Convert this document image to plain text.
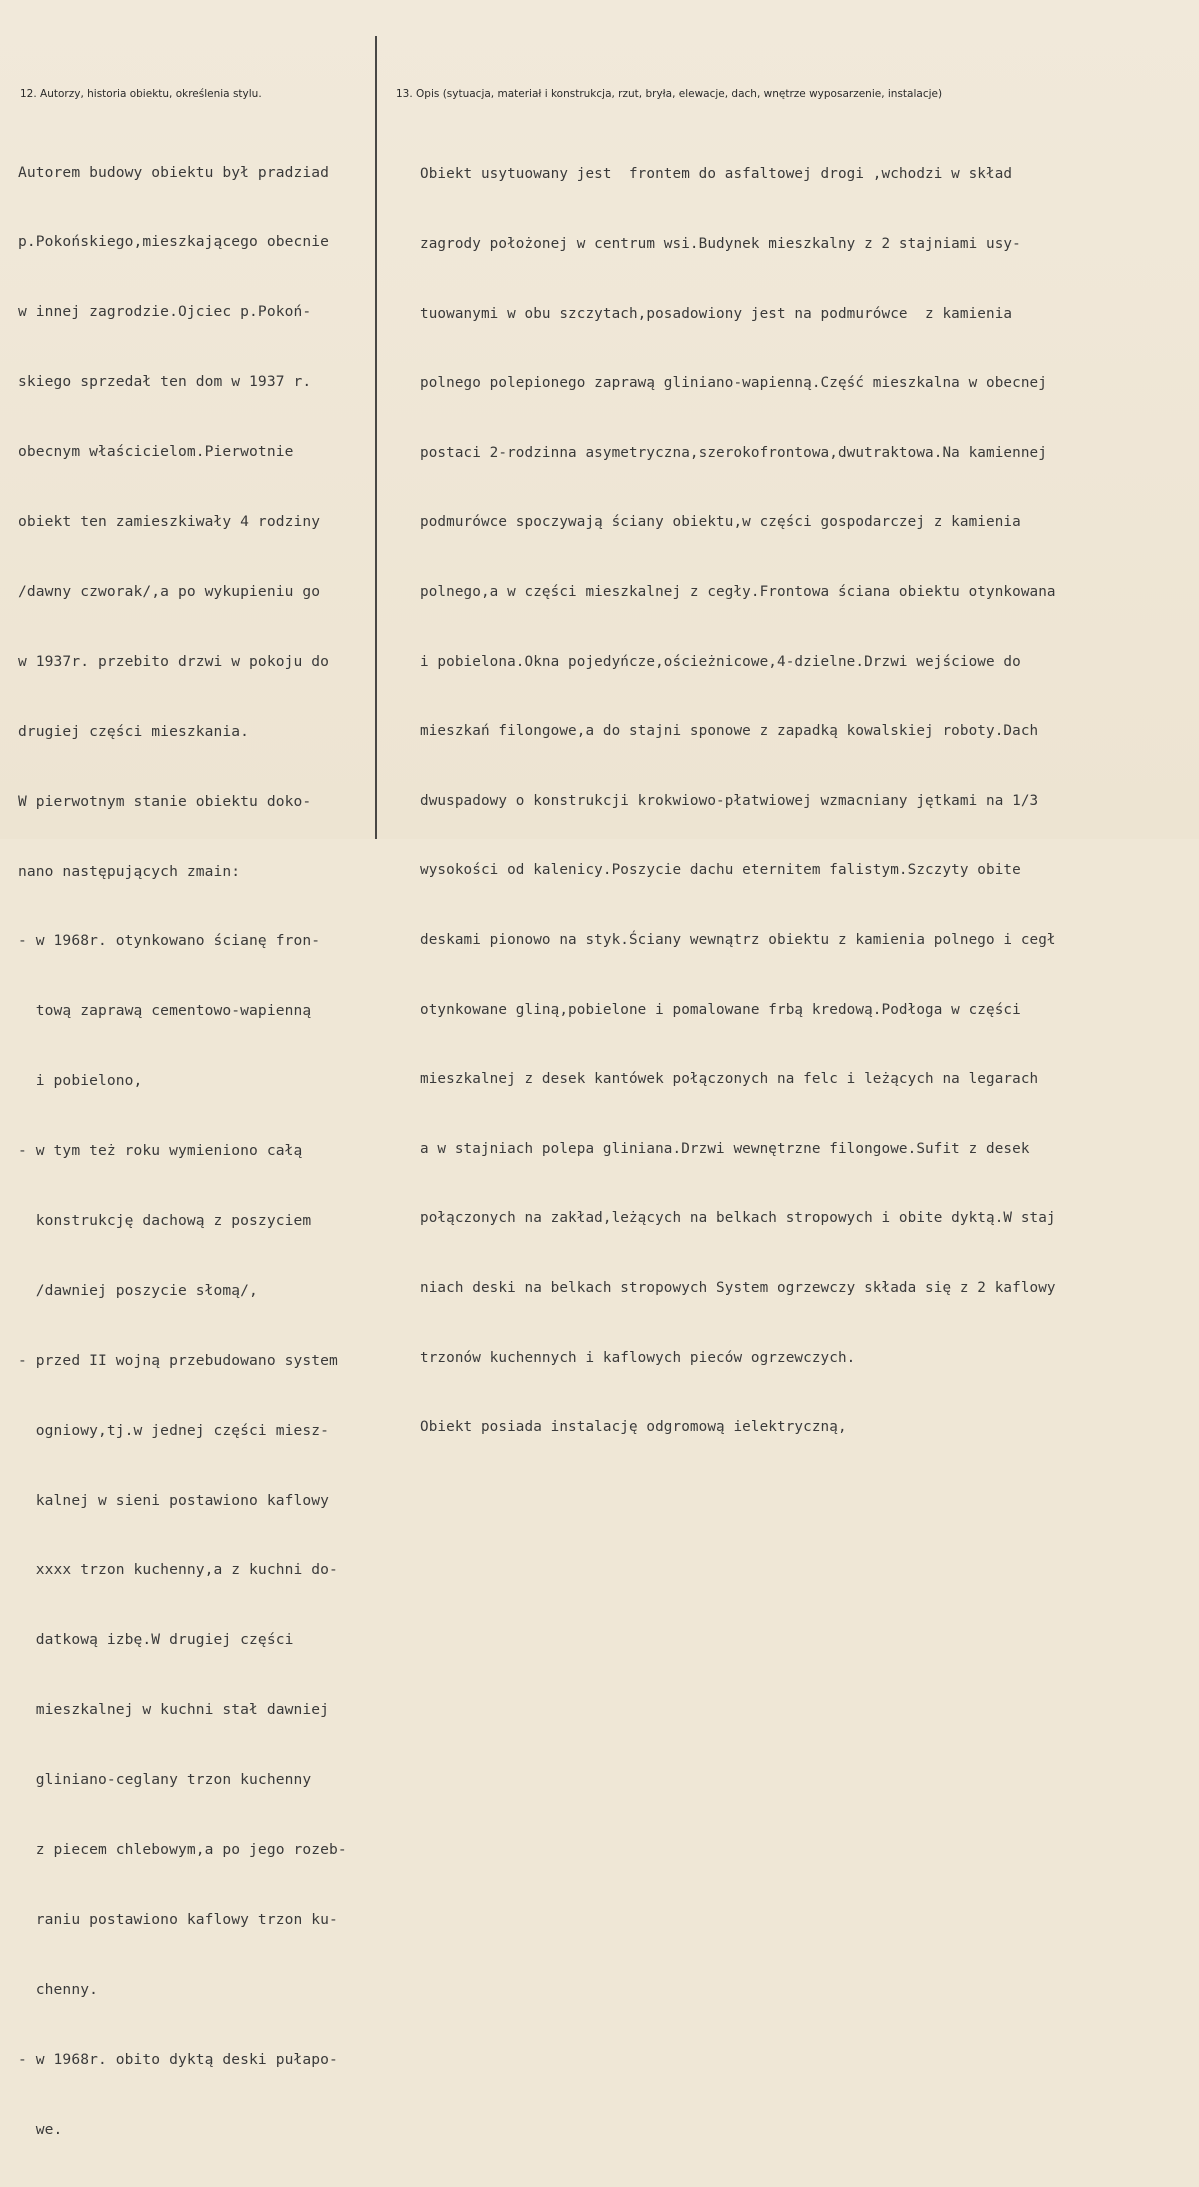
12. Autorzy, historia obiektu, określenia stylu.	13. Opis (sytuacja, materiał i konstrukcja, rzut, bryła, elewacje, dach, wnętrze wyposarzenie, instalacje)

Autorem budowy obiektu był pradziad

p.Pokońskiego,mieszkającego obecnie

w innej zagrodzie.Ojciec p.Pokoń-

skiego sprzedał ten dom w 1937 r.

obecnym właścicielom.Pierwotnie

obiekt ten zamieszkiwały 4 rodziny

/dawny czworak/,a po wykupieniu go

w 1937r. przebito drzwi w pokoju do

drugiej części mieszkania.

W pierwotnym stanie obiektu doko-

nano następujących zmain:

- w 1968r. otynkowano ścianę fron-

tową zaprawą cementowo-wapienną

i pobielono,

- w tym też roku wymieniono całą

konstrukcję dachową z poszyciem

/dawniej poszycie słomą/,

- przed II wojną przebudowano system

ogniowy,tj.w jednej części miesz-

kalnej w sieni postawiono kaflowy

xxxx trzon kuchenny,a z kuchni do-

datkową izbę.W drugiej części

mieszkalnej w kuchni stał dawniej

gliniano-ceglany trzon kuchenny

z piecem chlebowym,a po jego rozeb-

raniu postawiono kaflowy trzon ku-

chenny.

- w 1968r. obito dyktą deski pułapo-

we.

Obiekt usytuowany jest  frontem do asfaltowej drogi ,wchodzi w skład

zagrody położonej w centrum wsi.Budynek mieszkalny z 2 stajniami usy-

tuowanymi w obu szczytach,posadowiony jest na podmurówce  z kamienia

polnego polepionego zaprawą gliniano-wapienną.Część mieszkalna w obecnej

postaci 2-rodzinna asymetryczna,szerokofrontowa,dwutraktowa.Na kamiennej

podmurówce spoczywają ściany obiektu,w części gospodarczej z kamienia

polnego,a w części mieszkalnej z cegły.Frontowa ściana obiektu otynkowana

i pobielona.Okna pojedyńcze,ościeżnicowe,4-dzielne.Drzwi wejściowe do

mieszkań filongowe,a do stajni sponowe z zapadką kowalskiej roboty.Dach

dwuspadowy o konstrukcji krokwiowo-płatwiowej wzmacniany jętkami na 1/3

wysokości od kalenicy.Poszycie dachu eternitem falistym.Szczyty obite

deskami pionowo na styk.Ściany wewnątrz obiektu z kamienia polnego i cegł

otynkowane gliną,pobielone i pomalowane frbą kredową.Podłoga w części

mieszkalnej z desek kantówek połączonych na felc i leżących na legarach

a w stajniach polepa gliniana.Drzwi wewnętrzne filongowe.Sufit z desek

połączonych na zakład,leżących na belkach stropowych i obite dyktą.W staj

niach deski na belkach stropowych System ogrzewczy składa się z 2 kaflowy

trzonów kuchennych i kaflowych pieców ogrzewczych.

Obiekt posiada instalację odgromową ielektryczną,
